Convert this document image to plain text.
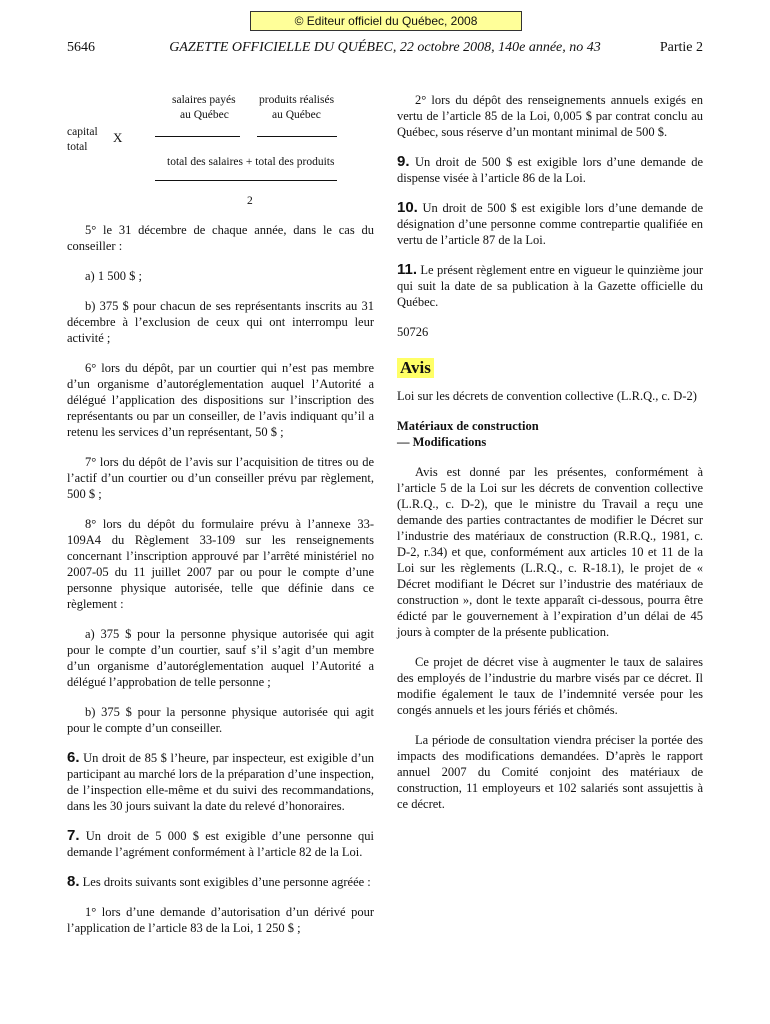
© Editeur officiel du Québec, 2008
5646	GAZETTE OFFICIELLE DU QUÉBEC, 22 octobre 2008, 140e année, no 43	Partie 2
salaires payés
au Québec
produits réalisés
au Québec
capital
total
X
total des salaires + total des produits
2

5° le 31 décembre de chaque année, dans le cas du conseiller :

a) 1 500 $ ;

b) 375 $ pour chacun de ses représentants inscrits au 31 décembre à l’exclusion de ceux qui ont interrompu leur activité ;

6° lors du dépôt, par un courtier qui n’est pas membre d’un organisme d’autoréglementation auquel l’Autorité a délégué l’application des dispositions sur l’inscription des représentants ou par un conseiller, de l’avis indiquant qu’il a retenu les services d’un représentant, 50 $ ;

7° lors du dépôt de l’avis sur l’acquisition de titres ou de l’actif d’un courtier ou d’un conseiller prévu par règlement, 500 $ ;

8° lors du dépôt du formulaire prévu à l’annexe 33-109A4 du Règlement 33-109 sur les renseignements concernant l’inscription approuvé par l’arrêté ministériel no 2007-05 du 11 juillet 2007 par ou pour le compte d’une personne physique autorisée, telle que définie dans ce règlement :

a) 375 $ pour la personne physique autorisée qui agit pour le compte d’un courtier, sauf s’il s’agit d’un membre d’un organisme d’autoréglementation auquel l’Autorité a délégué l’approbation de telle personne ;

b) 375 $ pour la personne physique autorisée qui agit pour le compte d’un conseiller.

6. Un droit de 85 $ l’heure, par inspecteur, est exigible d’un participant au marché lors de la préparation d’une inspection, de l’inspection elle-même et du suivi des recommandations, dans les 30 jours suivant la date du relevé d’honoraires.

7. Un droit de 5 000 $ est exigible d’une personne qui demande l’agrément conformément à l’article 82 de la Loi.

8. Les droits suivants sont exigibles d’une personne agréée :

1° lors d’une demande d’autorisation d’un dérivé pour l’application de l’article 83 de la Loi, 1 250 $ ;

2° lors du dépôt des renseignements annuels exigés en vertu de l’article 85 de la Loi, 0,005 $ par contrat conclu au Québec, sous réserve d’un montant minimal de 500 $.

9. Un droit de 500 $ est exigible lors d’une demande de dispense visée à l’article 86 de la Loi.

10. Un droit de 500 $ est exigible lors d’une demande de désignation d’une personne comme contrepartie qualifiée en vertu de l’article 87 de la Loi.

11. Le présent règlement entre en vigueur le quinzième jour qui suit la date de sa publication à la Gazette officielle du Québec.

50726

Avis

Loi sur les décrets de convention collective (L.R.Q., c. D-2)

Matériaux de construction
— Modifications

Avis est donné par les présentes, conformément à l’article 5 de la Loi sur les décrets de convention collective (L.R.Q., c. D-2), que le ministre du Travail a reçu une demande des parties contractantes de modifier le Décret sur l’industrie des matériaux de construction (R.R.Q., 1981, c. D-2, r.34) et que, conformément aux articles 10 et 11 de la Loi sur les règlements (L.R.Q., c. R-18.1), le projet de « Décret modifiant le Décret sur l’industrie des matériaux de construction », dont le texte apparaît ci-dessous, pourra être édicté par le gouvernement à l’expiration d’un délai de 45 jours à compter de la présente publication.

Ce projet de décret vise à augmenter le taux de salaires des employés de l’industrie du marbre visés par ce décret. Il modifie également le taux de l’indemnité versée pour les congés annuels et les jours fériés et chômés.

La période de consultation viendra préciser la portée des impacts des modifications demandées. D’après le rapport annuel 2007 du Comité conjoint des matériaux de construction, 11 employeurs et 102 salariés sont assujettis à ce décret.
